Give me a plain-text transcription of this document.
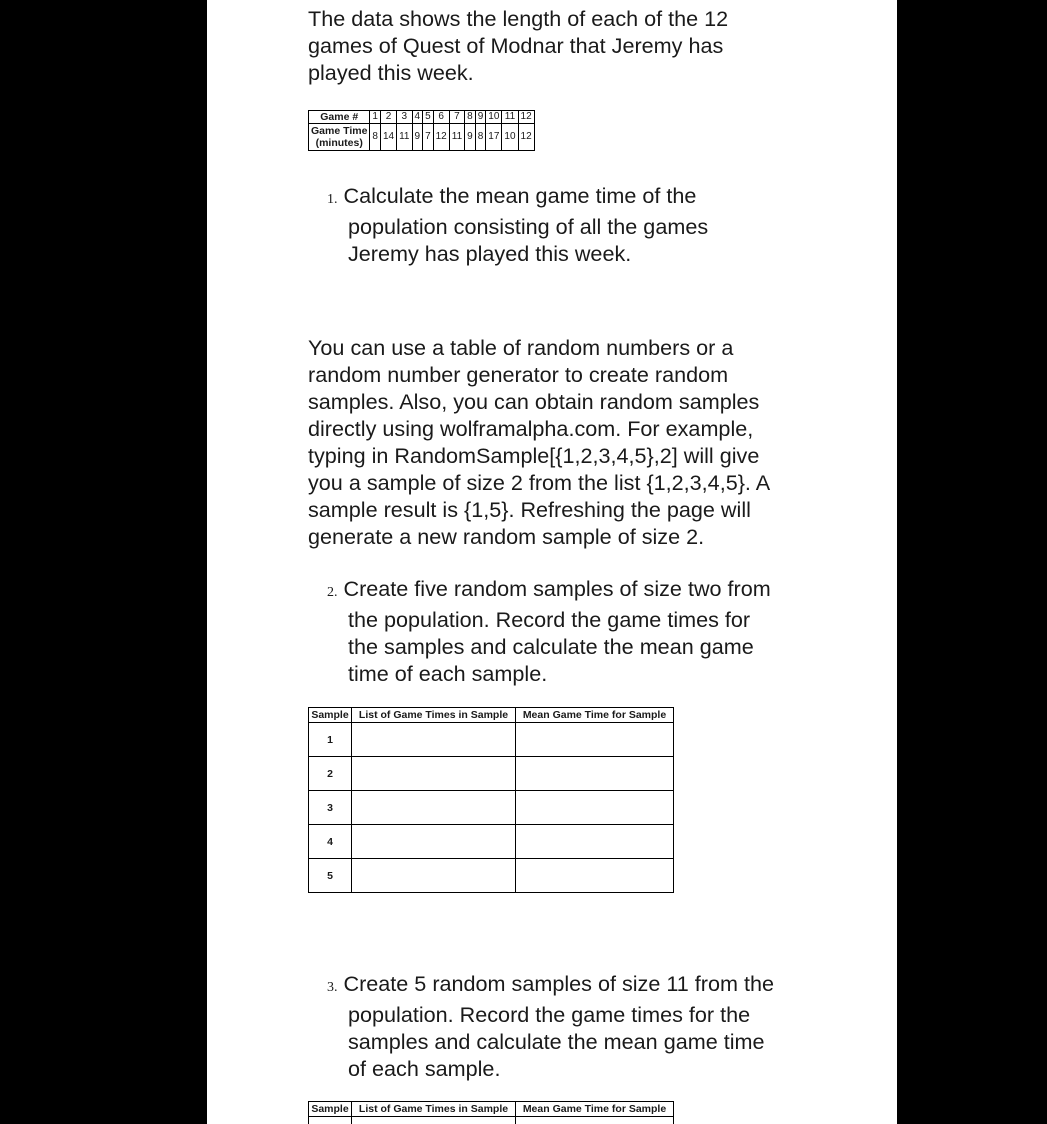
The data shows the length of each of the 12
games of Quest of Modnar that Jeremy has
played this week.
Game #	1	2	3	4	5	6	7	8	9	10	11	12

Game Time
(minutes)	8	14	11	9	7	12	11	9	8	17	10	12
1. Calculate the mean game time of the
population consisting of all the games
Jeremy has played this week.
You can use a table of random numbers or a
random number generator to create random
samples. Also, you can obtain random samples
directly using wolframalpha.com. For example,
typing in RandomSample[{1,2,3,4,5},2] will give
you a sample of size 2 from the list {1,2,3,4,5}. A
sample result is {1,5}. Refreshing the page will
generate a new random sample of size 2.
2. Create five random samples of size two from
the population. Record the game times for
the samples and calculate the mean game
time of each sample.
Sample	List of Game Times in Sample	Mean Game Time for Sample
1		
2		
3		
4		
5		
3. Create 5 random samples of size 11 from the
population. Record the game times for the
samples and calculate the mean game time
of each sample.
Sample	List of Game Times in Sample	Mean Game Time for Sample
